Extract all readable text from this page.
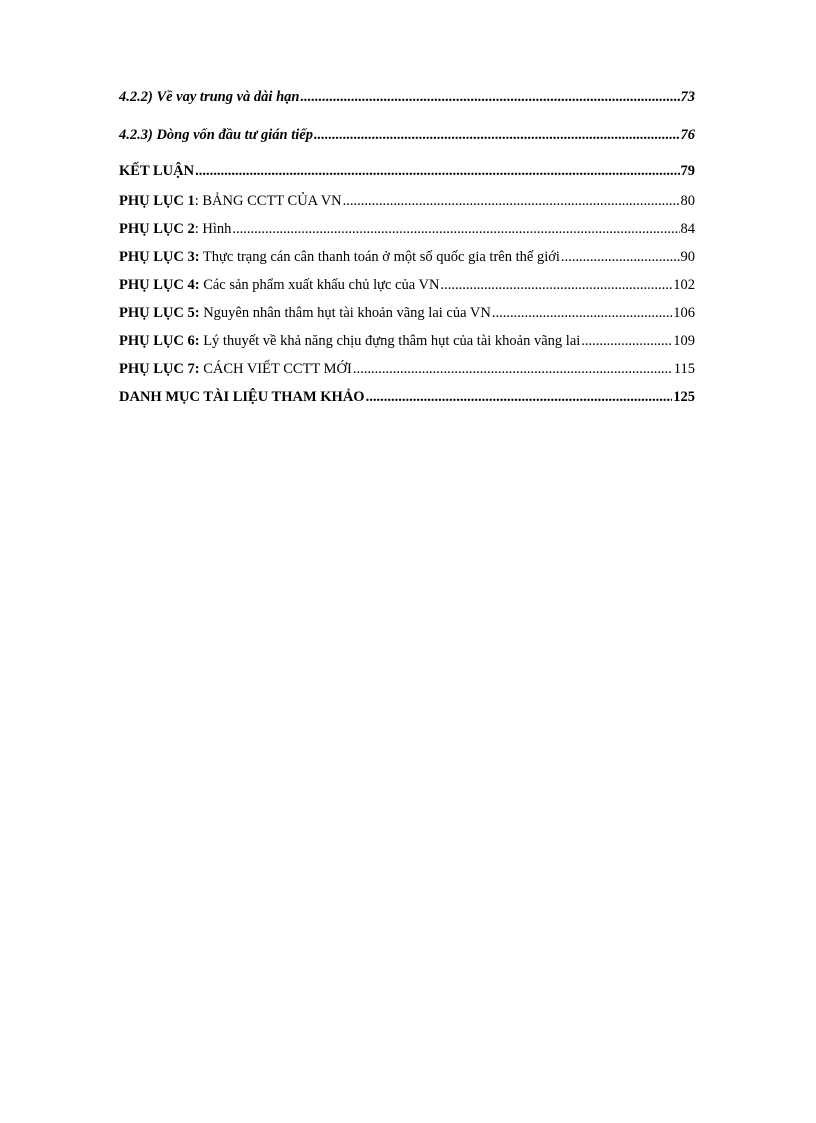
4.2.2) Về vay trung và dài hạn .....	73
4.2.3) Dòng vốn đầu tư gián tiếp .....	76
KẾT LUẬN .....	79
PHỤ LỤC 1: BẢNG CCTT CỦA VN .....	80
PHỤ LỤC 2: Hình .....	84
PHỤ LỤC 3: Thực trạng cán cân thanh toán ở một số quốc gia trên thế giới .....	90
PHỤ LỤC 4: Các sản phẩm xuất khẩu chủ lực của VN .....	102
PHỤ LỤC 5: Nguyên nhân thâm hụt tài khoản vãng lai của VN .....	106
PHỤ LỤC 6: Lý thuyết về khả năng chịu đựng thâm hụt của tài khoản vãng lai .....	109
PHỤ LỤC 7: CÁCH VIẾT CCTT MỚI .....	115
DANH MỤC TÀI LIỆU THAM KHẢO .....	125
